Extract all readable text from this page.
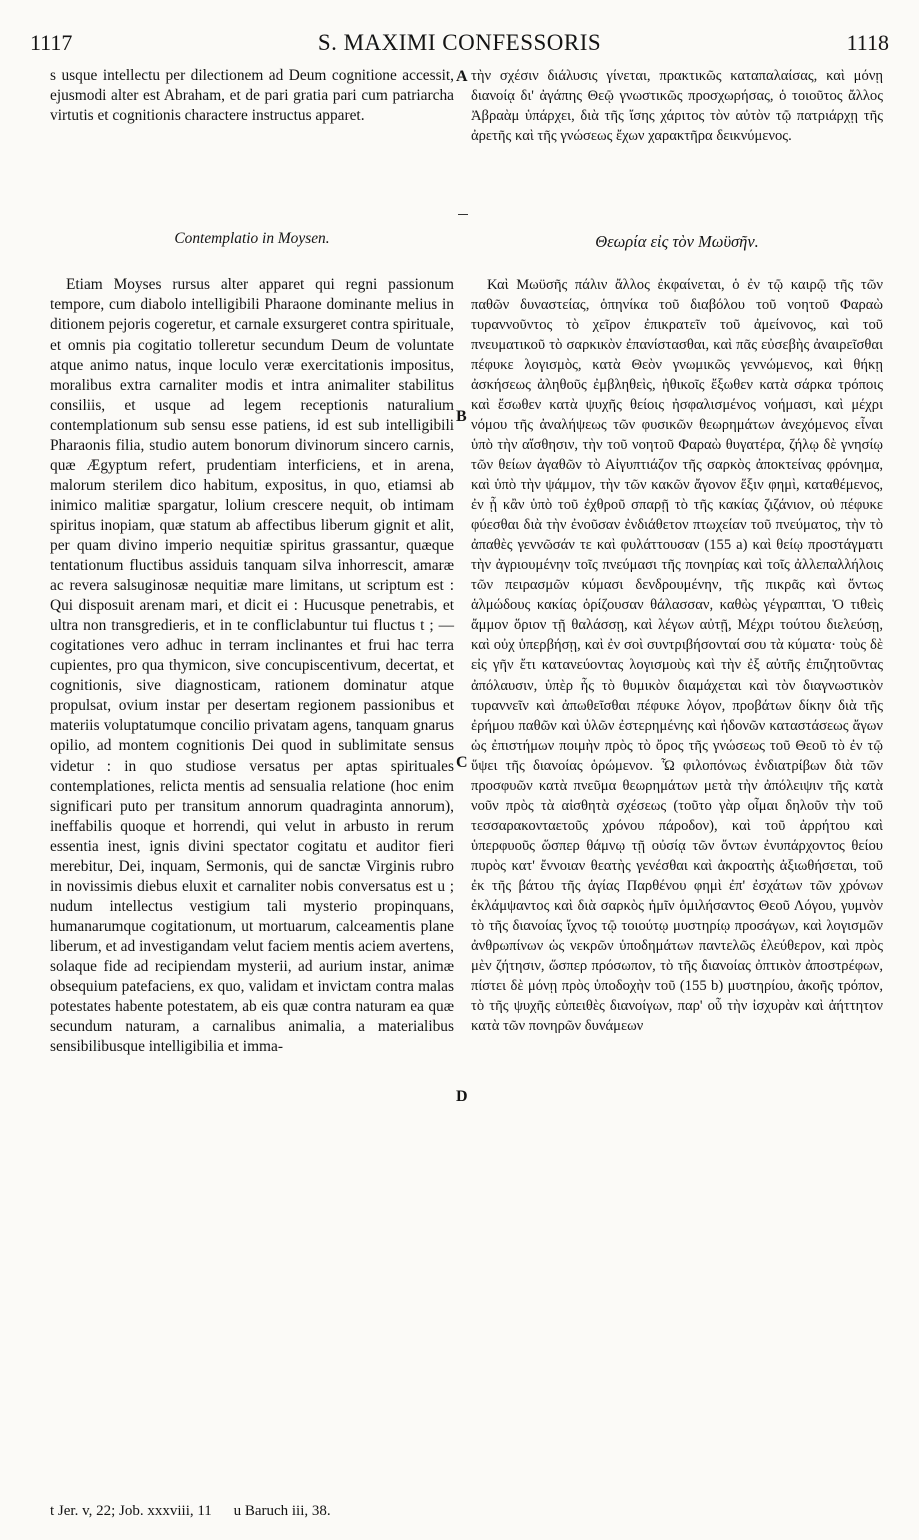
1117	S. MAXIMI CONFESSORIS	1118

s usque intellectu per dilectionem ad Deum cognitione accessit, ejusmodi alter est Abraham, et de pari gratia pari cum patriarcha virtutis et cognitionis charactere instructus apparet.

τὴν σχέσιν διάλυσις γίνεται, πρακτικῶς καταπαλαίσας, καὶ μόνῃ διανοίᾳ δι' ἀγάπης Θεῷ γνωστικῶς προσχωρήσας, ὁ τοιοῦτος ἄλλος Ἀβραὰμ ὑπάρχει, διὰ τῆς ἴσης χάριτος τὸν αὐτὸν τῷ πατριάρχῃ τῆς ἀρετῆς καὶ τῆς γνώσεως ἔχων χαρακτῆρα δεικνύμενος.

Contemplatio in Moysen.	Θεωρία εἰς τὸν Μωϋσῆν.

Etiam Moyses rursus alter apparet qui regni passionum tempore, cum diabolo intelligibili Pharaone dominante melius in ditionem pejoris cogeretur, et carnale exsurgeret contra spirituale, et omnis pia cogitatio tolleretur secundum Deum de voluntate atque animo natus, inque loculo veræ exercitationis impositus, moralibus extra carnaliter modis et intra animaliter stabilitus consiliis, et usque ad legem receptionis naturalium contemplationum sub sensu esse patiens, id est sub intelligibili Pharaonis filia, studio autem bonorum divinorum sincero carnis, quæ Ægyptum refert, prudentiam interficiens, et in arena, malorum sterilem dico habitum, expositus, in quo, etiamsi ab inimico malitiæ spargatur, lolium crescere nequit, ob intimam spiritus inopiam, quæ statum ab affectibus liberum gignit et alit, per quam divino imperio nequitiæ spiritus grassantur, quæque tentationum fluctibus assiduis tanquam silva inhorrescit, amaræ ac revera salsuginosæ nequitiæ mare limitans, ut scriptum est : Qui disposuit arenam mari, et dicit ei : Hucusque penetrabis, et ultra non transgredieris, et in te confliclabuntur tui fluctus t ; — cogitationes vero adhuc in terram inclinantes et frui hac terra cupientes, pro qua thymicon, sive concupiscentivum, decertat, et cognitionis, sive diagnosticam, rationem dominatur atque propulsat, ovium instar per desertam regionem passionibus et materiis voluptatumque concilio privatam agens, tanquam gnarus opilio, ad montem cognitionis Dei quod in sublimitate sensus videtur : in quo studiose versatus per aptas spirituales contemplationes, relicta mentis ad sensualia relatione (hoc enim significari puto per transitum annorum quadraginta annorum), ineffabilis quoque et horrendi, qui velut in arbusto in rerum essentia inest, ignis divini spectator cogitatu et auditor fieri merebitur, Dei, inquam, Sermonis, qui de sanctæ Virginis rubro in novissimis diebus eluxit et carnaliter nobis conversatus est u ; nudum intellectus vestigium tali mysterio propinquans, humanarumque cogitationum, ut mortuarum, calceamentis plane liberum, et ad investigandam velut faciem mentis aciem avertens, solaque fide ad recipiendam mysterii, ad aurium instar, animæ obsequium patefaciens, ex quo, validam et invictam contra malas potestates habente potestatem, ab eis quæ contra naturam ea quæ secundum naturam, a carnalibus animalia, a materialibus sensibilibusque intelligibilia et imma-

Καὶ Μωϋσῆς πάλιν ἄλλος ἐκφαίνεται, ὁ ἐν τῷ καιρῷ τῆς τῶν παθῶν δυναστείας, ὁπηνίκα τοῦ διαβόλου τοῦ νοητοῦ Φαραὼ τυραννοῦντος τὸ χεῖρον ἐπικρατεῖν τοῦ ἀμείνονος, καὶ τοῦ πνευματικοῦ τὸ σαρκικὸν ἐπανίστασθαι, καὶ πᾶς εὐσεβὴς ἀναιρεῖσθαι πέφυκε λογισμὸς, κατὰ Θεὸν γνωμικῶς γεννώμενος, καὶ θήκῃ ἀσκήσεως ἀληθοῦς ἐμβληθεὶς, ἠθικοῖς ἔξωθεν κατὰ σάρκα τρόποις καὶ ἔσωθεν κατὰ ψυχῆς θείοις ἠσφαλισμένος νοήμασι, καὶ μέχρι νόμου τῆς ἀναλήψεως τῶν φυσικῶν θεωρημάτων ἀνεχόμενος εἶναι ὑπὸ τὴν αἴσθησιν, τὴν τοῦ νοητοῦ Φαραὼ θυγατέρα, ζήλῳ δὲ γνησίῳ τῶν θείων ἀγαθῶν τὸ Αἰγυπτιάζον τῆς σαρκὸς ἀποκτείνας φρόνημα, καὶ ὑπὸ τὴν ψάμμον, τὴν τῶν κακῶν ἄγονον ἕξιν φημὶ, καταθέμενος, ἐν ᾗ κἂν ὑπὸ τοῦ ἐχθροῦ σπαρῇ τὸ τῆς κακίας ζιζάνιον, οὐ πέφυκε φύεσθαι διὰ τὴν ἐνοῦσαν ἐνδιάθετον πτωχείαν τοῦ πνεύματος, τὴν τὸ ἀπαθὲς γεννῶσάν τε καὶ φυλάττουσαν (155 a) καὶ θείῳ προστάγματι τὴν ἀγριουμένην τοῖς πνεύμασι τῆς πονηρίας καὶ τοῖς ἀλλεπαλλήλοις τῶν πειρασμῶν κύμασι δενδρουμένην, τῆς πικρᾶς καὶ ὄντως ἁλμώδους κακίας ὁρίζουσαν θάλασσαν, καθὼς γέγραπται, Ὁ τιθεὶς ἄμμον ὅριον τῇ θαλάσσῃ, καὶ λέγων αὐτῇ, Μέχρι τούτου διελεύσῃ, καὶ οὐχ ὑπερβήσῃ, καὶ ἐν σοὶ συντριβήσονταί σου τὰ κύματα· τοὺς δὲ εἰς γῆν ἔτι κατανεύοντας λογισμοὺς καὶ τὴν ἐξ αὐτῆς ἐπιζητοῦντας ἀπόλαυσιν, ὑπὲρ ἧς τὸ θυμικὸν διαμάχεται καὶ τὸν διαγνωστικὸν τυραννεῖν καὶ ἀπωθεῖσθαι πέφυκε λόγον, προβάτων δίκην διὰ τῆς ἐρήμου παθῶν καὶ ὑλῶν ἐστερημένης καὶ ἡδονῶν καταστάσεως ἄγων ὡς ἐπιστήμων ποιμὴν πρὸς τὸ ὄρος τῆς γνώσεως τοῦ Θεοῦ τὸ ἐν τῷ ὕψει τῆς διανοίας ὁρώμενον. Ὧ φιλοπόνως ἐνδιατρίβων διὰ τῶν προσφυῶν κατὰ πνεῦμα θεωρημάτων μετὰ τὴν ἀπόλειψιν τῆς κατὰ νοῦν πρὸς τὰ αἰσθητὰ σχέσεως (τοῦτο γὰρ οἶμαι δηλοῦν τὴν τοῦ τεσσαρακονταετοῦς χρόνου πάροδον), καὶ τοῦ ἀρρήτου καὶ ὑπερφυοῦς ὥσπερ θάμνῳ τῇ οὐσίᾳ τῶν ὄντων ἐνυπάρχοντος θείου πυρὸς κατ' ἔννοιαν θεατὴς γενέσθαι καὶ ἀκροατὴς ἀξιωθήσεται, τοῦ ἐκ τῆς βάτου τῆς ἁγίας Παρθένου φημὶ ἐπ' ἐσχάτων τῶν χρόνων ἐκλάμψαντος καὶ διὰ σαρκὸς ἡμῖν ὁμιλήσαντος Θεοῦ Λόγου, γυμνὸν τὸ τῆς διανοίας ἴχνος τῷ τοιούτῳ μυστηρίῳ προσάγων, καὶ λογισμῶν ἀνθρωπίνων ὡς νεκρῶν ὑποδημάτων παντελῶς ἐλεύθερον, καὶ πρὸς μὲν ζήτησιν, ὥσπερ πρόσωπον, τὸ τῆς διανοίας ὀπτικὸν ἀποστρέφων, πίστει δὲ μόνῃ πρὸς ὑποδοχὴν τοῦ (155 b) μυστηρίου, ἀκοῆς τρόπον, τὸ τῆς ψυχῆς εὐπειθὲς διανοίγων, παρ' οὗ τὴν ἰσχυρὰν καὶ ἀήττητον κατὰ τῶν πονηρῶν δυνάμεων

A
B
C
D
t Jer. v, 22; Job. xxxviii, 11 u Baruch iii, 38.
